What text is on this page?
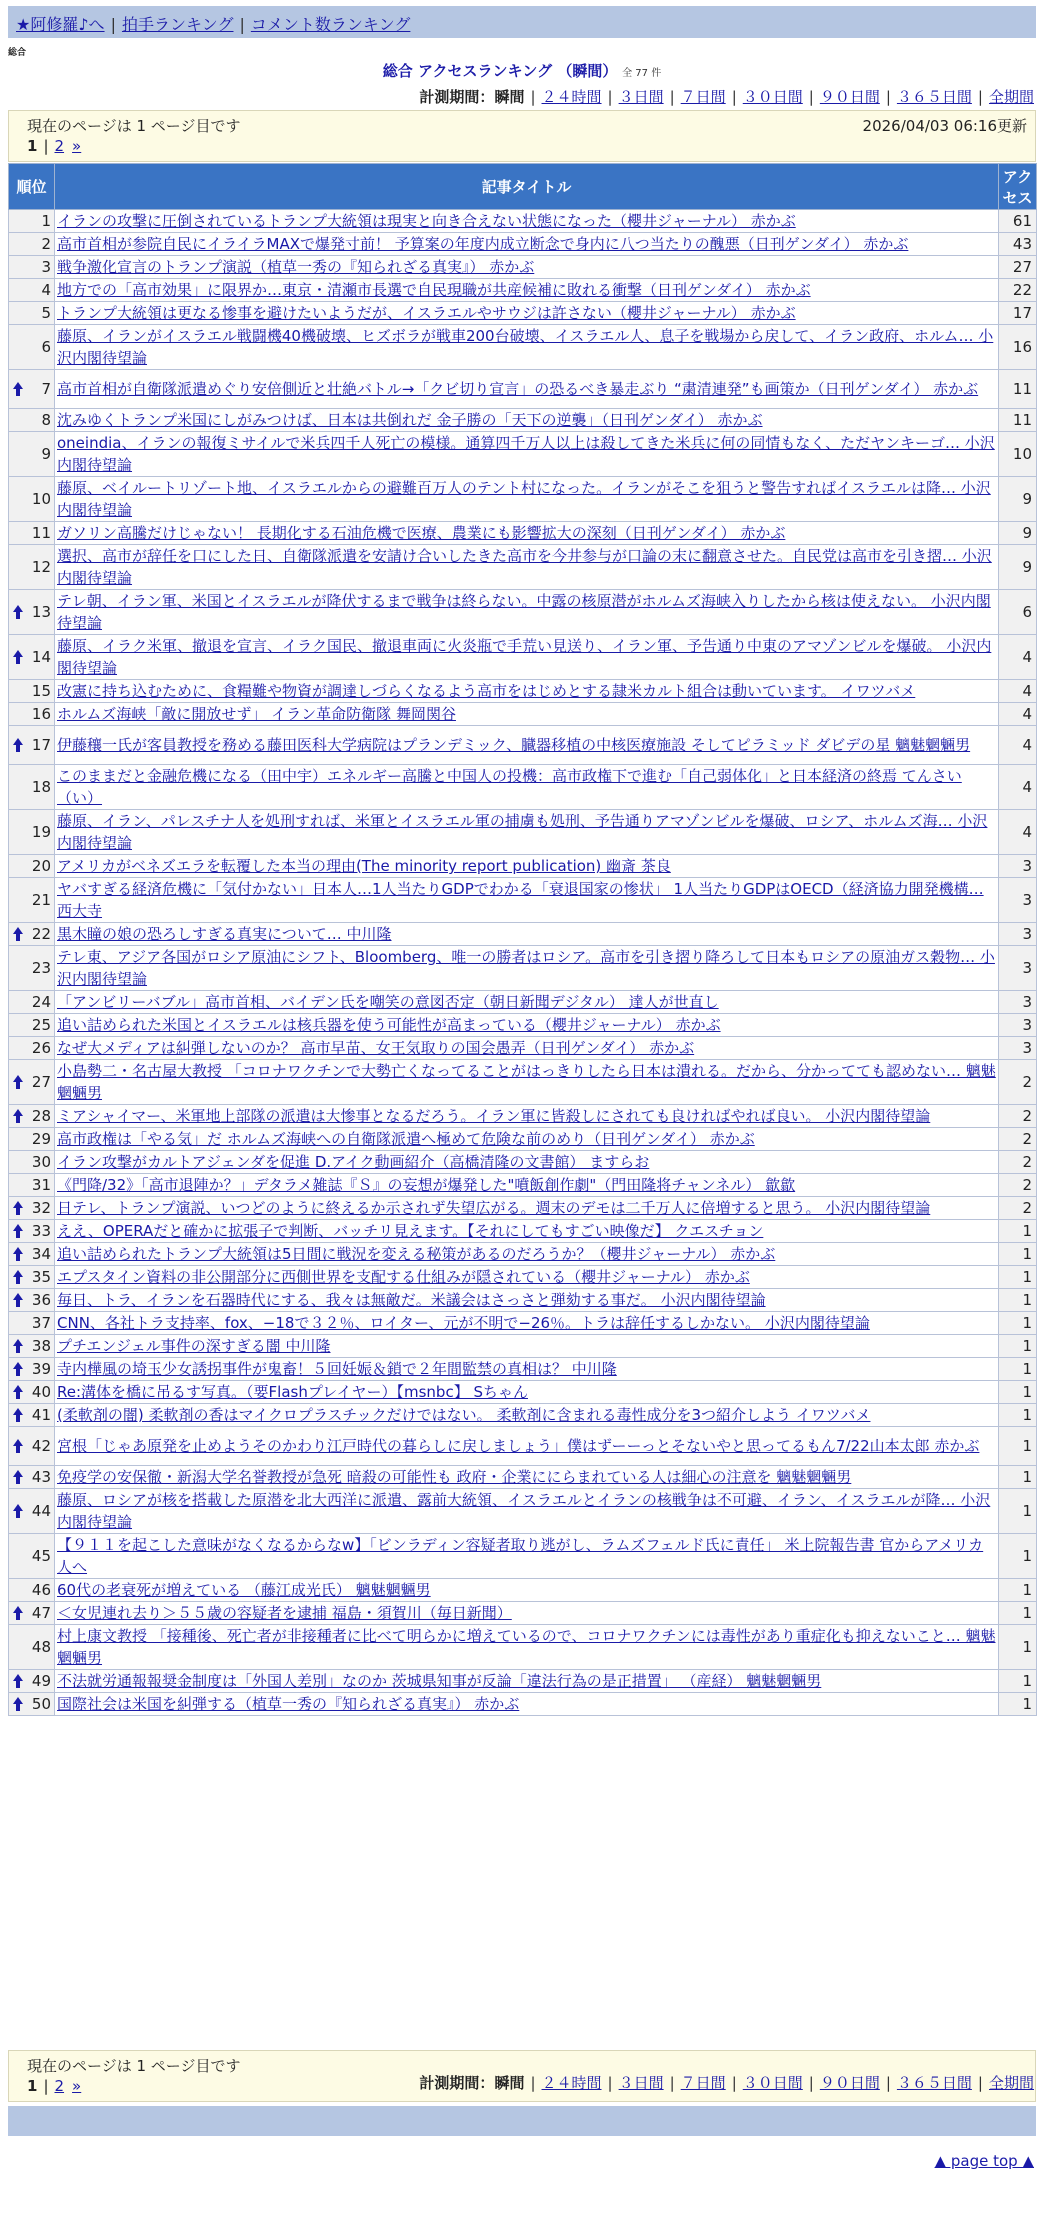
★阿修羅♪へ | 拍手ランキング | コメント数ランキング
総合
総合 アクセスランキング （瞬間） 全 77 件
計測期間：瞬間 | ２４時間 | ３日間 | ７日間 | ３０日間 | ９０日間 | ３６５日間 | 全期間
現在のページは 1 ページ目です	2026/04/03 06:16更新
1 | 2 »
順位	記事タイトル	アクセス
1	イランの攻撃に圧倒されているトランプ大統領は現実と向き合えない状態になった（櫻井ジャーナル） 赤かぶ	61
2	高市首相が参院自民にイライラMAXで爆発寸前！ 予算案の年度内成立断念で身内に八つ当たりの醜悪（日刊ゲンダイ） 赤かぶ	43
3	戦争激化宣言のトランプ演説（植草一秀の『知られざる真実』） 赤かぶ	27
4	地方での「高市効果」に限界か…東京・清瀬市長選で自民現職が共産候補に敗れる衝撃（日刊ゲンダイ） 赤かぶ	22
5	トランプ大統領は更なる惨事を避けたいようだが、イスラエルやサウジは許さない（櫻井ジャーナル） 赤かぶ	17
6	藤原、イランがイスラエル戦闘機40機破壊、ヒズボラが戦車200台破壊、イスラエル人、息子を戦場から戻して、イラン政府、ホルム… 小沢内閣待望論	16

7	高市首相が自衛隊派遣めぐり安倍側近と壮絶バトル→「クビ切り宣言」の恐るべき暴走ぶり “粛清連発”も画策か（日刊ゲンダイ） 赤かぶ	11
8	沈みゆくトランプ米国にしがみつけば、日本は共倒れだ 金子勝の「天下の逆襲」（日刊ゲンダイ） 赤かぶ	11
9	oneindia、イランの報復ミサイルで米兵四千人死亡の模様。通算四千万人以上は殺してきた米兵に何の同情もなく、ただヤンキーゴ… 小沢内閣待望論	10
10	藤原、ベイルートリゾート地、イスラエルからの避難百万人のテント村になった。イランがそこを狙うと警告すればイスラエルは降… 小沢内閣待望論	9
11	ガソリン高騰だけじゃない！ 長期化する石油危機で医療、農業にも影響拡大の深刻（日刊ゲンダイ） 赤かぶ	9
12	選択、高市が辞任を口にした日、自衛隊派遣を安請け合いしたきた高市を今井参与が口論の末に翻意させた。自民党は高市を引き摺… 小沢内閣待望論	9

13	テレ朝、イラン軍、米国とイスラエルが降伏するまで戦争は終らない。中露の核原潜がホルムズ海峡入りしたから核は使えない。 小沢内閣待望論	6

14	藤原、イラク米軍、撤退を宣言、イラク国民、撤退車両に火炎瓶で手荒い見送り、イラン軍、予告通り中東のアマゾンビルを爆破。 小沢内閣待望論	4
15	改憲に持ち込むために、食糧難や物資が調達しづらくなるよう高市をはじめとする隷米カルト組合は動いています。 イワツバメ	4
16	ホルムズ海峡「敵に開放せず」 イラン革命防衛隊 舞岡関谷	4

17	伊藤穰一氏が客員教授を務める藤田医科大学病院はプランデミック、臓器移植の中核医療施設 そしてピラミッド ダビデの星 魑魅魍魎男	4
18	このままだと金融危機になる（田中宇）エネルギー高騰と中国人の投機：高市政権下で進む「自己弱体化」と日本経済の終焉 てんさい（い）	4
19	藤原、イラン、パレスチナ人を処刑すれば、米軍とイスラエル軍の捕虜も処刑、予告通りアマゾンビルを爆破、ロシア、ホルムズ海… 小沢内閣待望論	4
20	アメリカがベネズエラを転覆した本当の理由(The minority report publication) 幽斎 茶良	3
21	ヤバすぎる経済危機に「気付かない」日本人…1人当たりGDPでわかる「衰退国家の惨状」 1人当たりGDPはOECD（経済協力開発機構… 西大寺	3

22	黒木瞳の娘の恐ろしすぎる真実について… 中川隆	3
23	テレ東、アジア各国がロシア原油にシフト、Bloomberg、唯一の勝者はロシア。高市を引き摺り降ろして日本もロシアの原油ガス穀物… 小沢内閣待望論	3
24	「アンビリーバブル」高市首相、バイデン氏を嘲笑の意図否定（朝日新聞デジタル） 達人が世直し	3
25	追い詰められた米国とイスラエルは核兵器を使う可能性が高まっている（櫻井ジャーナル） 赤かぶ	3
26	なぜ大メディアは糾弾しないのか？ 高市早苗、女王気取りの国会愚弄（日刊ゲンダイ） 赤かぶ	3

27	小島勢二・名古屋大教授 「コロナワクチンで大勢亡くなってることがはっきりしたら日本は潰れる。だから、分かってても認めない… 魑魅魍魎男	2

28	ミアシャイマー、米軍地上部隊の派遣は大惨事となるだろう。イラン軍に皆殺しにされても良ければやれば良い。 小沢内閣待望論	2
29	高市政権は「やる気」だ ホルムズ海峡への自衛隊派遣へ極めて危険な前のめり（日刊ゲンダイ） 赤かぶ	2
30	イラン攻撃がカルトアジェンダを促進 D.アイク動画紹介（高橋清隆の文書館） ますらお	2
31	《門降/32》「高市退陣か？」デタラメ雑誌『Ｓ』の妄想が爆発した"噴飯創作劇"（門田隆将チャンネル） 歙歙	2

32	日テレ、トランプ演説、いつどのように終えるか示されず失望広がる。週末のデモは二千万人に倍増すると思う。 小沢内閣待望論	2

33	ええ、OPERAだと確かに拡張子で判断、バッチリ見えます。【それにしてもすごい映像だ】 クエスチョン	1

34	追い詰められたトランプ大統領は5日間に戦況を変える秘策があるのだろうか？（櫻井ジャーナル） 赤かぶ	1

35	エプスタイン資料の非公開部分に西側世界を支配する仕組みが隠されている（櫻井ジャーナル） 赤かぶ	1

36	毎日、トラ、イランを石器時代にする、我々は無敵だ。米議会はさっさと弾劾する事だ。 小沢内閣待望論	1
37	CNN、各社トラ支持率、fox、−18で３２％、ロイター、元が不明で−26％。トラは辞任するしかない。 小沢内閣待望論	1

38	プチエンジェル事件の深すぎる闇 中川隆	1

39	寺内樺風の埼玉少女誘拐事件が鬼畜！５回妊娠＆鎖で２年間監禁の真相は？ 中川隆	1

40	Re:溝体を橋に吊るす写真。（要Flashプレイヤー）【msnbc】 Sちゃん	1

41	(柔軟剤の闇) 柔軟剤の香はマイクロプラスチックだけではない。 柔軟剤に含まれる毒性成分を3つ紹介しよう イワツバメ	1

42	宮根「じゃあ原発を止めようそのかわり江戸時代の暮らしに戻しましょう」僕はずーーっとそないやと思ってるもん7/22山本太郎 赤かぶ	1

43	免疫学の安保徹・新潟大学名誉教授が急死 暗殺の可能性も 政府・企業ににらまれている人は細心の注意を 魑魅魍魎男	1

44	藤原、ロシアが核を搭載した原潜を北大西洋に派遣、露前大統領、イスラエルとイランの核戦争は不可避、イラン、イスラエルが降… 小沢内閣待望論	1
45	【９１１を起こした意味がなくなるからなw】「ビンラディン容疑者取り逃がし、ラムズフェルド氏に責任」 米上院報告書 官からアメリカ人へ	1
46	60代の老衰死が増えている （藤江成光氏） 魑魅魍魎男	1

47	＜女児連れ去り＞５５歳の容疑者を逮捕 福島・須賀川（毎日新聞）	1
48	村上康文教授 「接種後、死亡者が非接種者に比べて明らかに増えているので、コロナワクチンには毒性があり重症化も抑えないこと… 魑魅魍魎男	1

49	不法就労通報報奨金制度は「外国人差別」なのか 茨城県知事が反論「違法行為の是正措置」 （産経） 魑魅魍魎男	1

50	国際社会は米国を糾弾する（植草一秀の『知られざる真実』） 赤かぶ	1
現在のページは 1 ページ目です
1 | 2 »	計測期間：瞬間 | ２４時間 | ３日間 | ７日間 | ３０日間 | ９０日間 | ３６５日間 | 全期間
▲ page top ▲
